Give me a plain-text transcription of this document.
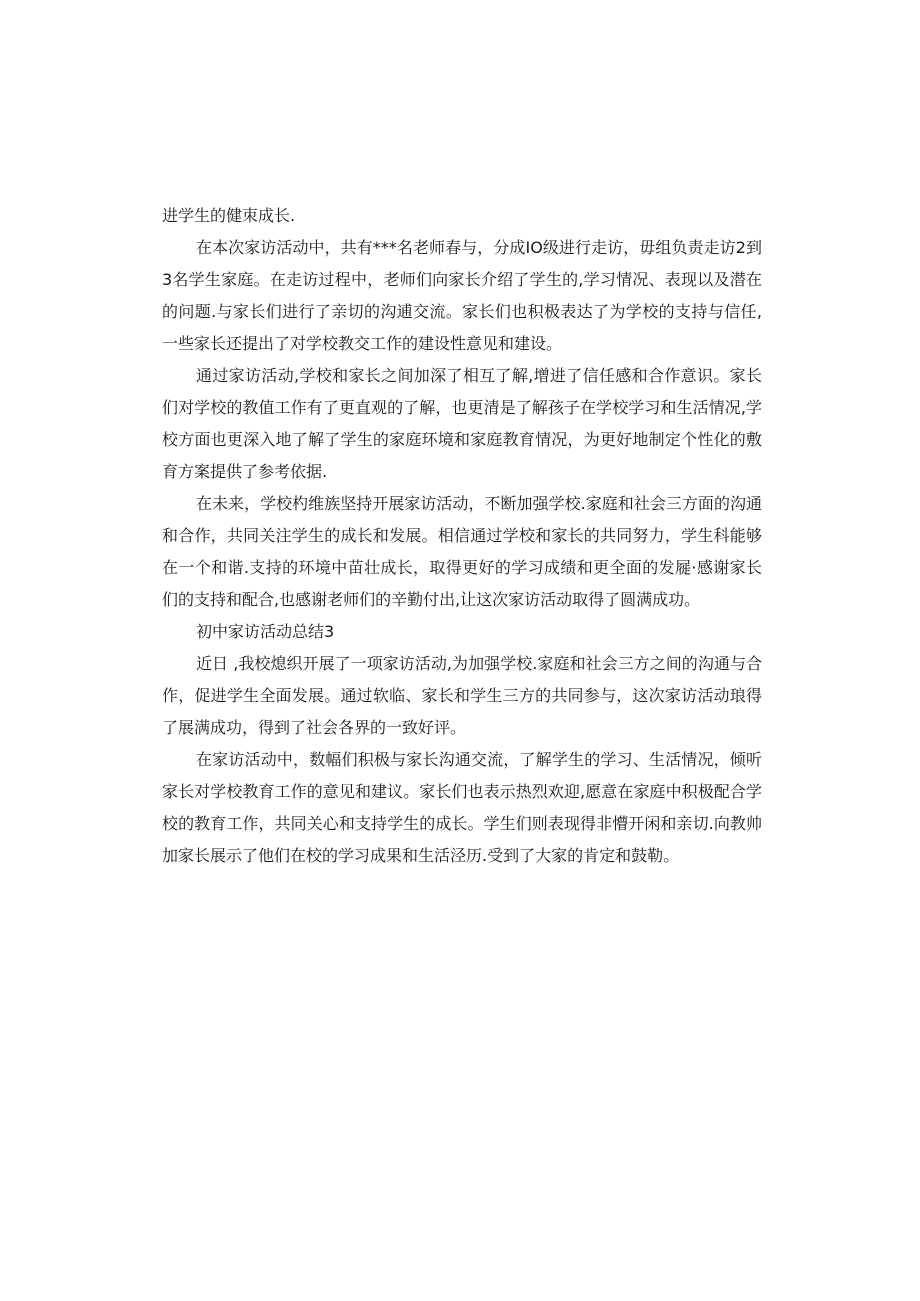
进学生的健朿成长.

在本次家访活动中，共有***名老师春与，分成IO级进行走访，毋组负责走访2到3名学生家庭。在走访过程中，老师们向家长介绍了学生的,学习情况、表现以及潜在的问题.与家长们进行了亲切的沟逋交流。家长们也积极表达了为学校的支持与信任,一些家长还提出了对学校教交工作的建设性意见和建设。

通过家访活动,学校和家长之间加深了相互了解,增进了信任感和合作意识。家长们对学校的教值工作有了更直观的了解，也更清是了解孩子在学校学习和生活情况,学校方面也更深入地了解了学生的家庭环境和家庭教育情况，为更好地制定个性化的敷育方案提供了参考依据.

在未来，学校杓维族坚持开展家访活动，不断加强学校.家庭和社会三方面的沟通和合作，共同关注学生的成长和发展。相信通过学校和家长的共同努力，学生科能够在一个和谐.支持的环境中苗壮成长，取得更好的学习成绩和更全面的发屣·感谢家长们的支持和配合,也感谢老师们的辛勤付出,让这次家访活动取得了圆满成功。

初中家访活动总结3

近日 ,我校熄织开展了一项家访活动,为加强学校.家庭和社会三方之间的沟通与合作，促进学生全面发展。通过软临、家长和学生三方的共同参与，这次家访活动琅得了展满成功，得到了社会各界的一致好评。

在家访活动中，数幅们积极与家长沟通交流，了解学生的学习、生活情况，倾听家长对学校教育工作的意见和建议。家长们也表示热烈欢迎,愿意在家庭中积极配合学校的教育工作，共同关心和支持学生的成长。学生们则表现得非懵开闲和亲切.向教帅加家长展示了他们在校的学习成果和生活泾历.受到了大家的肯定和鼓勒。
